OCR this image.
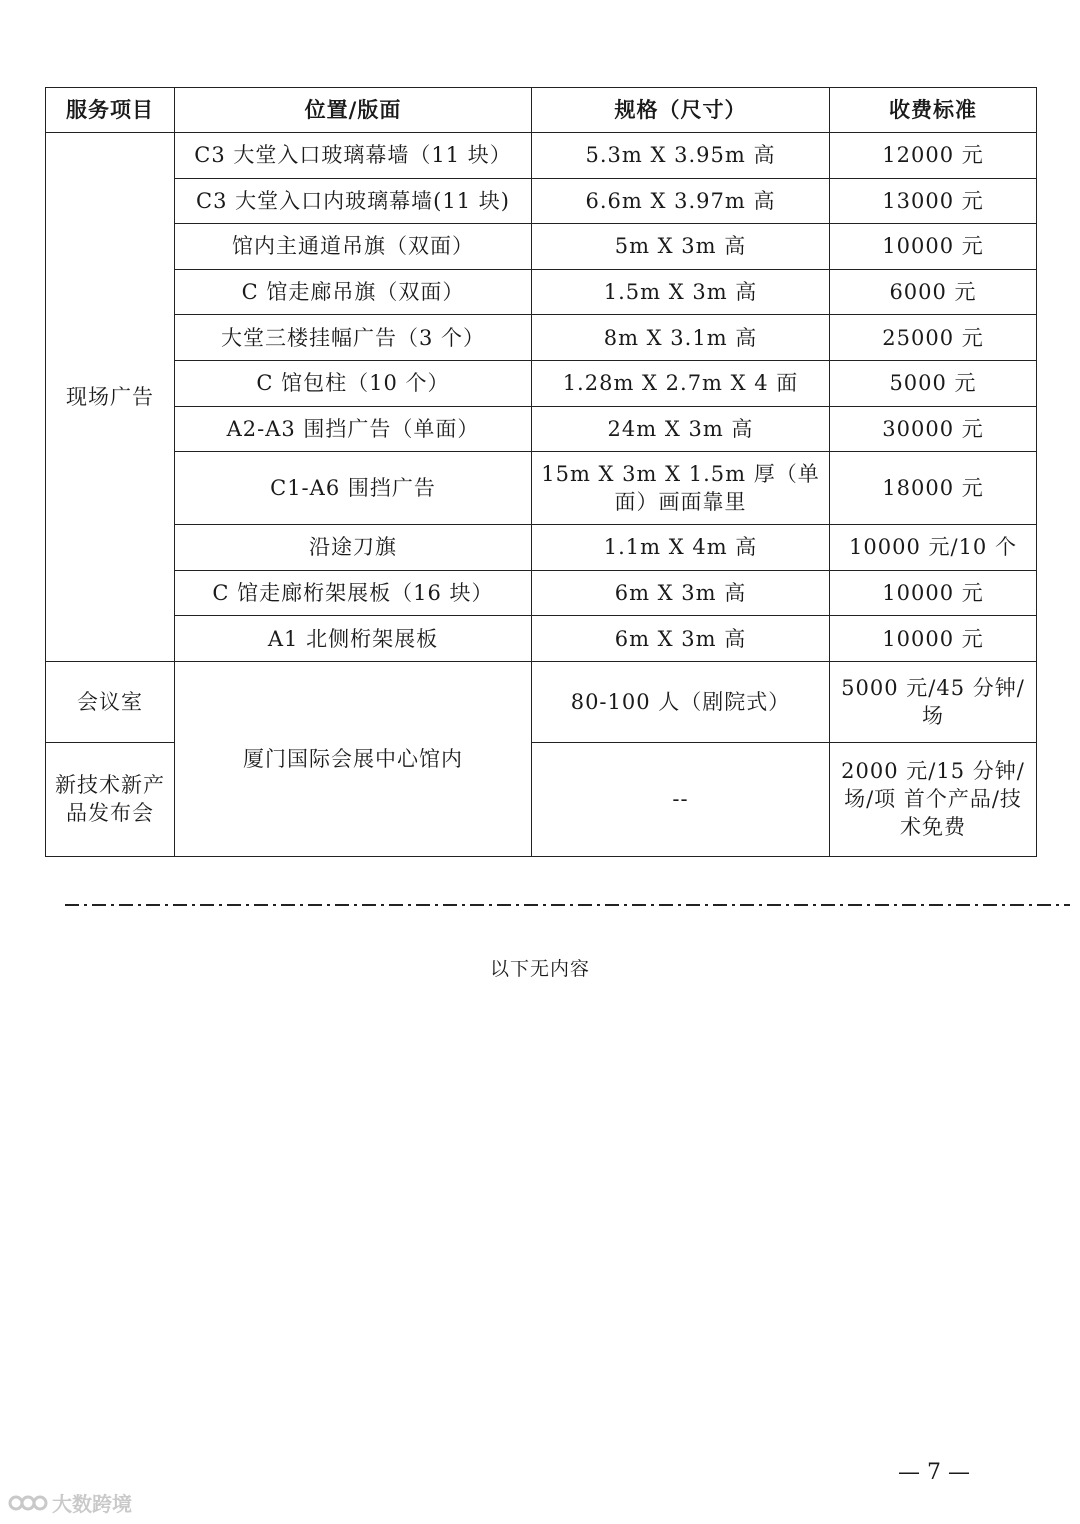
服务项目	位置/版面	规格（尺寸）	收费标准
现场广告	C3 大堂入口玻璃幕墙（11 块）	5.3m X 3.95m 高	12000 元
	C3 大堂入口内玻璃幕墙(11 块)	6.6m X 3.97m 高	13000 元
	馆内主通道吊旗（双面）	5m X 3m 高	10000 元
	C 馆走廊吊旗（双面）	1.5m X 3m 高	6000 元
	大堂三楼挂幅广告（3 个）	8m X 3.1m 高	25000 元
	C 馆包柱（10 个）	1.28m X 2.7m X 4 面	5000 元
	A2-A3 围挡广告（单面）	24m X 3m 高	30000 元
	C1-A6 围挡广告	15m X 3m X 1.5m 厚（单面）画面靠里	18000 元
	沿途刀旗	1.1m X 4m 高	10000 元/10 个
	C 馆走廊桁架展板（16 块）	6m X 3m 高	10000 元
	A1 北侧桁架展板	6m X 3m 高	10000 元
会议室	厦门国际会展中心馆内	80-100 人（剧院式）	5000 元/45 分钟/场
新技术新产品发布会		--	2000 元/15 分钟/场/项 首个产品/技术免费
以下无内容
— 7 —
大数跨境
